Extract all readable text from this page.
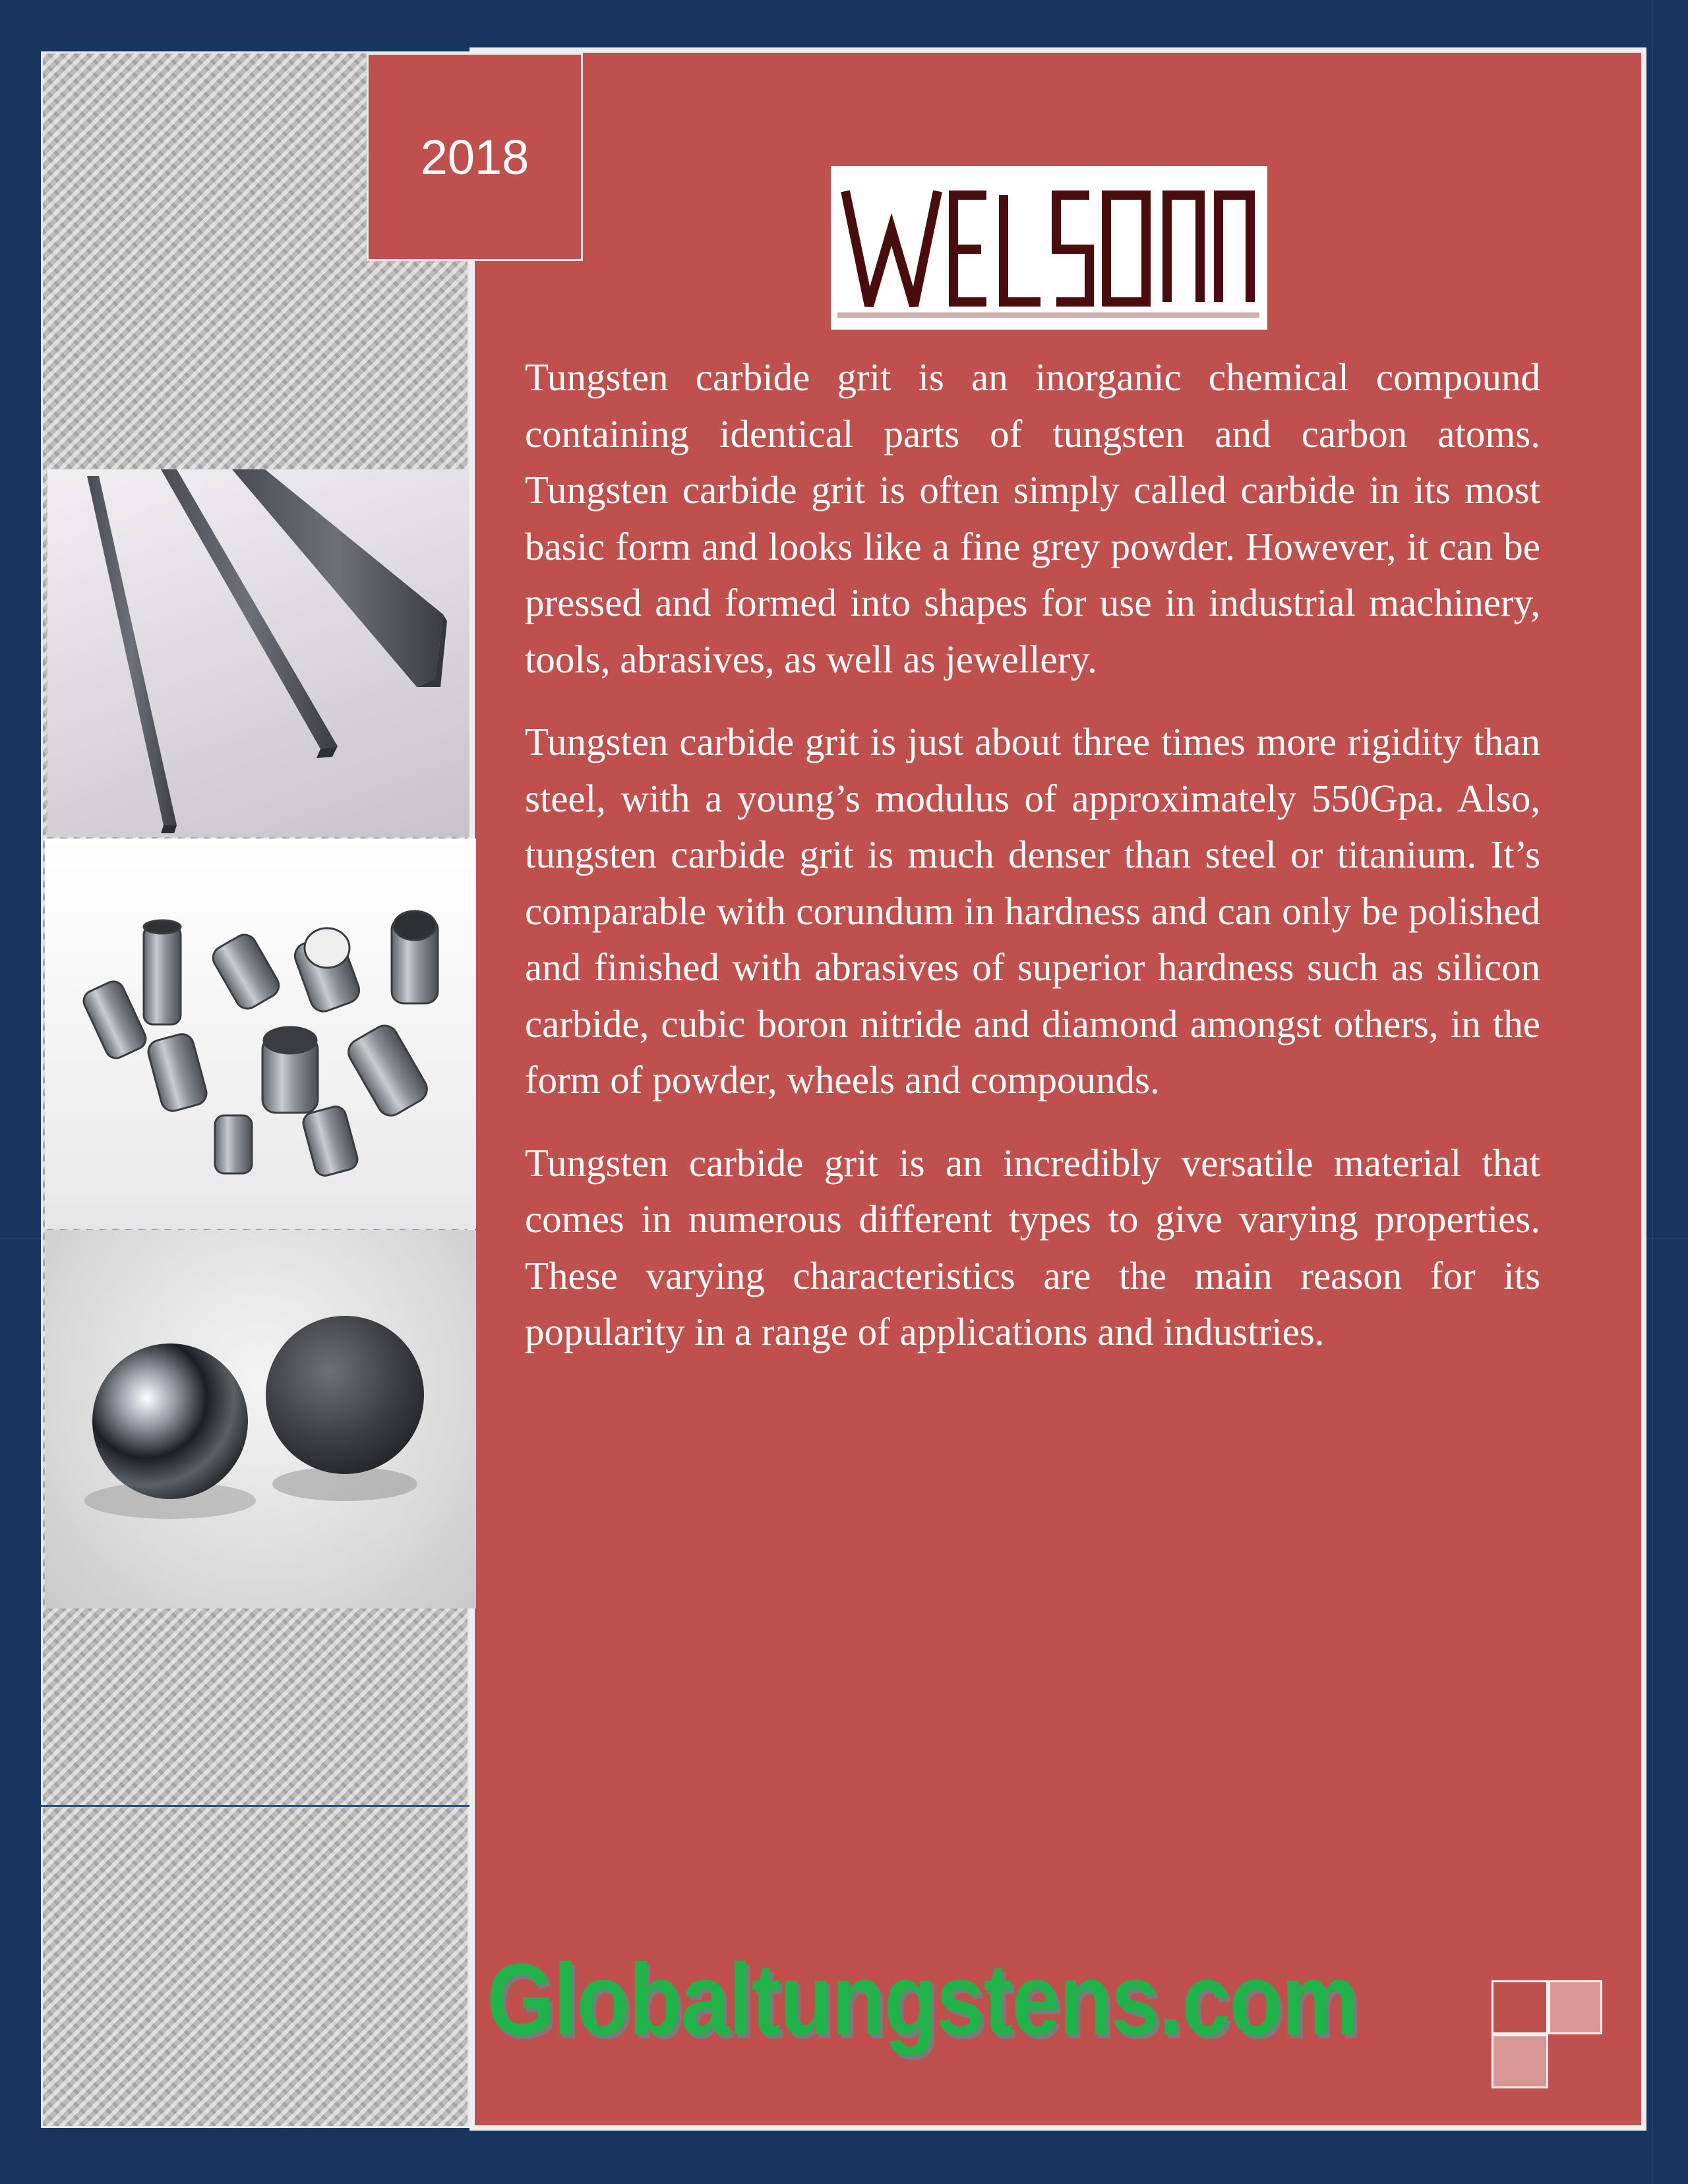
2018

Tungsten carbide grit is an inorganic chemical compound containing identical parts of tungsten and carbon atoms. Tungsten carbide grit is often simply called carbide in its most basic form and looks like a fine grey powder. However, it can be pressed and formed into shapes for use in industrial machinery, tools, abrasives, as well as jewellery.

Tungsten carbide grit is just about three times more rigidity than steel, with a young’s modulus of approximately 550Gpa. Also, tungsten carbide grit is much denser than steel or titanium. It’s comparable with corundum in hardness and can only be polished and finished with abrasives of superior hardness such as silicon carbide, cubic boron nitride and diamond amongst others, in the form of powder, wheels and compounds.

Tungsten carbide grit is an incredibly versatile material that comes in numerous different types to give varying properties. These varying characteristics are the main reason for its popularity in a range of applications and industries.

Globaltungstens.com
